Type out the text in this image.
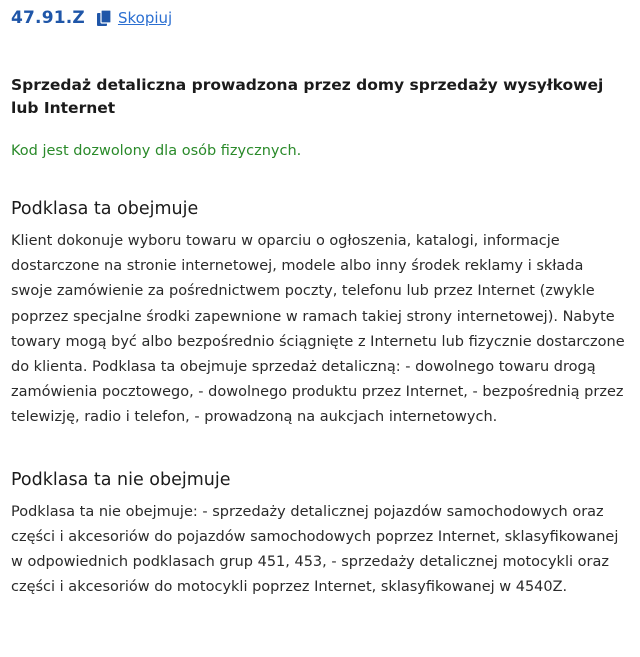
47.91.Z Skopiuj
Sprzedaż detaliczna prowadzona przez domy sprzedaży wysyłkowej lub Internet

Kod jest dozwolony dla osób fizycznych.

Podklasa ta obejmuje

Klient dokonuje wyboru towaru w oparciu o ogłoszenia, katalogi, informacje dostarczone na stronie internetowej, modele albo inny środek reklamy i składa swoje zamówienie za pośrednictwem poczty, telefonu lub przez Internet (zwykle poprzez specjalne środki zapewnione w ramach takiej strony internetowej). Nabyte towary mogą być albo bezpośrednio ściągnięte z Internetu lub fizycznie dostarczone do klienta. Podklasa ta obejmuje sprzedaż detaliczną: - dowolnego towaru drogą zamówienia pocztowego, - dowolnego produktu przez Internet, - bezpośrednią przez telewizję, radio i telefon, - prowadzoną na aukcjach internetowych.

Podklasa ta nie obejmuje

Podklasa ta nie obejmuje: - sprzedaży detalicznej pojazdów samochodowych oraz części i akcesoriów do pojazdów samochodowych poprzez Internet, sklasyfikowanej w odpowiednich podklasach grup 451, 453, - sprzedaży detalicznej motocykli oraz części i akcesoriów do motocykli poprzez Internet, sklasyfikowanej w 4540Z.
